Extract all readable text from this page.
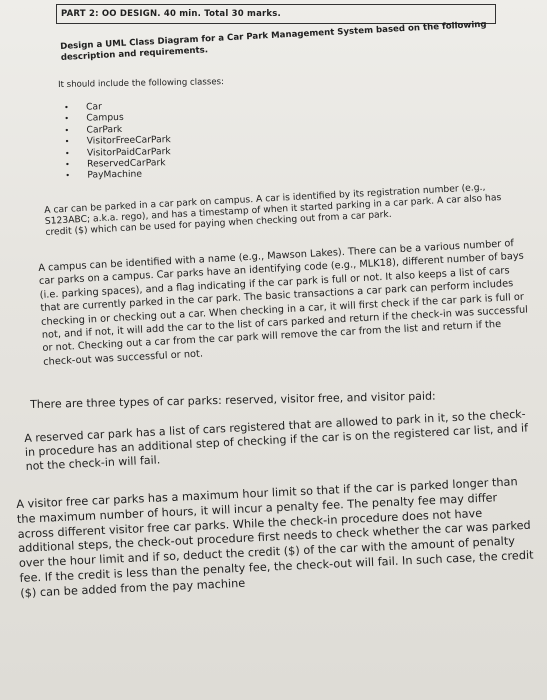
PART 2: OO DESIGN. 40 min. Total 30 marks.

Design a UML Class Diagram for a Car Park Management System based on the following description and requirements.

It should include the following classes:

• Car
• Campus
• CarPark
• VisitorFreeCarPark
• VisitorPaidCarPark
• ReservedCarPark
• PayMachine

A car can be parked in a car park on campus. A car is identified by its registration number (e.g., S123ABC; a.k.a. rego), and has a timestamp of when it started parking in a car park. A car also has credit ($) which can be used for paying when checking out from a car park.

A campus can be identified with a name (e.g., Mawson Lakes). There can be a various number of car parks on a campus. Car parks have an identifying code (e.g., MLK18), different number of bays (i.e. parking spaces), and a flag indicating if the car park is full or not. It also keeps a list of cars that are currently parked in the car park. The basic transactions a car park can perform includes checking in or checking out a car. When checking in a car, it will first check if the car park is full or not, and if not, it will add the car to the list of cars parked and return if the check-in was successful or not. Checking out a car from the car park will remove the car from the list and return if the check-out was successful or not.

There are three types of car parks: reserved, visitor free, and visitor paid:

A reserved car park has a list of cars registered that are allowed to park in it, so the check-in procedure has an additional step of checking if the car is on the registered car list, and if not the check-in will fail.

A visitor free car parks has a maximum hour limit so that if the car is parked longer than the maximum number of hours, it will incur a penalty fee. The penalty fee may differ across different visitor free car parks. While the check-in procedure does not have additional steps, the check-out procedure first needs to check whether the car was parked over the hour limit and if so, deduct the credit ($) of the car with the amount of penalty fee. If the credit is less than the penalty fee, the check-out will fail. In such case, the credit ($) can be added from the pay machine
